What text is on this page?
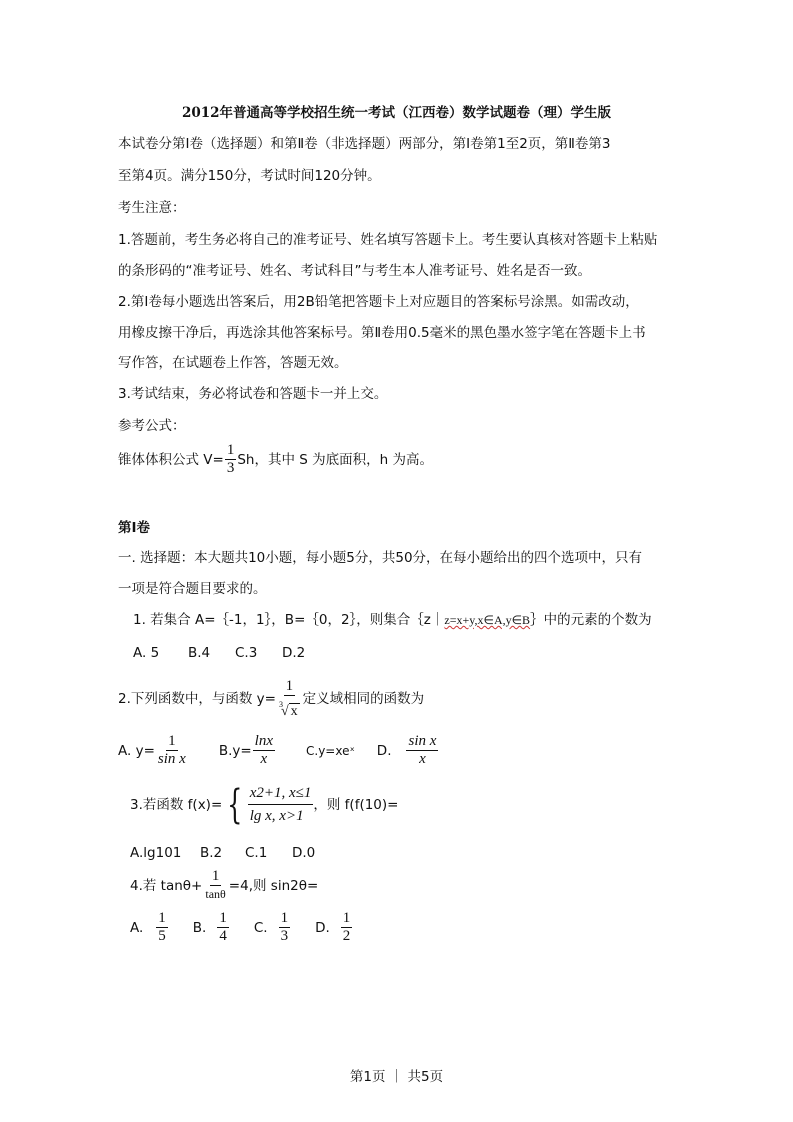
2012年普通高等学校招生统一考试（江西卷）数学试题卷（理）学生版
本试卷分第Ⅰ卷（选择题）和第Ⅱ卷（非选择题）两部分，第Ⅰ卷第1至2页，第Ⅱ卷第3
至第4页。满分150分，考试时间120分钟。
考生注意：
1.答题前，考生务必将自己的准考证号、姓名填写答题卡上。考生要认真核对答题卡上粘贴
的条形码的“准考证号、姓名、考试科目”与考生本人准考证号、姓名是否一致。
2.第Ⅰ卷每小题选出答案后，用2B铅笔把答题卡上对应题目的答案标号涂黑。如需改动，
用橡皮擦干净后，再选涂其他答案标号。第Ⅱ卷用0.5毫米的黑色墨水签字笔在答题卡上书
写作答，在试题卷上作答，答题无效。
3.考试结束，务必将试卷和答题卡一并上交。
参考公式：
锥体体积公式 $V= \frac{1}{3}$ Sh，其中 S 为底面积，h 为高。
第Ⅰ卷
一. 选择题：本大题共10小题，每小题5分，共50分，在每小题给出的四个选项中，只有
一项是符合题目要求的。
1. 若集合 A=｛-1，1｝，B=｛0，2｝，则集合｛z｜z=x+y,x∈A,y∈B｝中的元素的个数为
A. 5	B.4	C.3	D.2
2.下列函数中，与函数 $y= \frac{1}{^3√ x}$ 定义域相同的函数为
A. $y= \frac{1}{\text{sin x}} B.y= \frac{\ln x}{x}$	C.y=xeˣ D. $\frac{\text{sin x}}{x}$
3.若函数 f(x)= { x2+1, x≤1
lg x, x>1
，则 f(f(10)=
A.lg101	B.2	C.1	D.0
4.若 $\tan\theta+ \frac{1}{\tan\theta} =4$,则 sin2θ=
A. $\frac{1}{5} B$. $\frac{1}{4} C$. $\frac{1}{3} D$. $\frac{1}{2}$
第1页 ｜ 共5页
